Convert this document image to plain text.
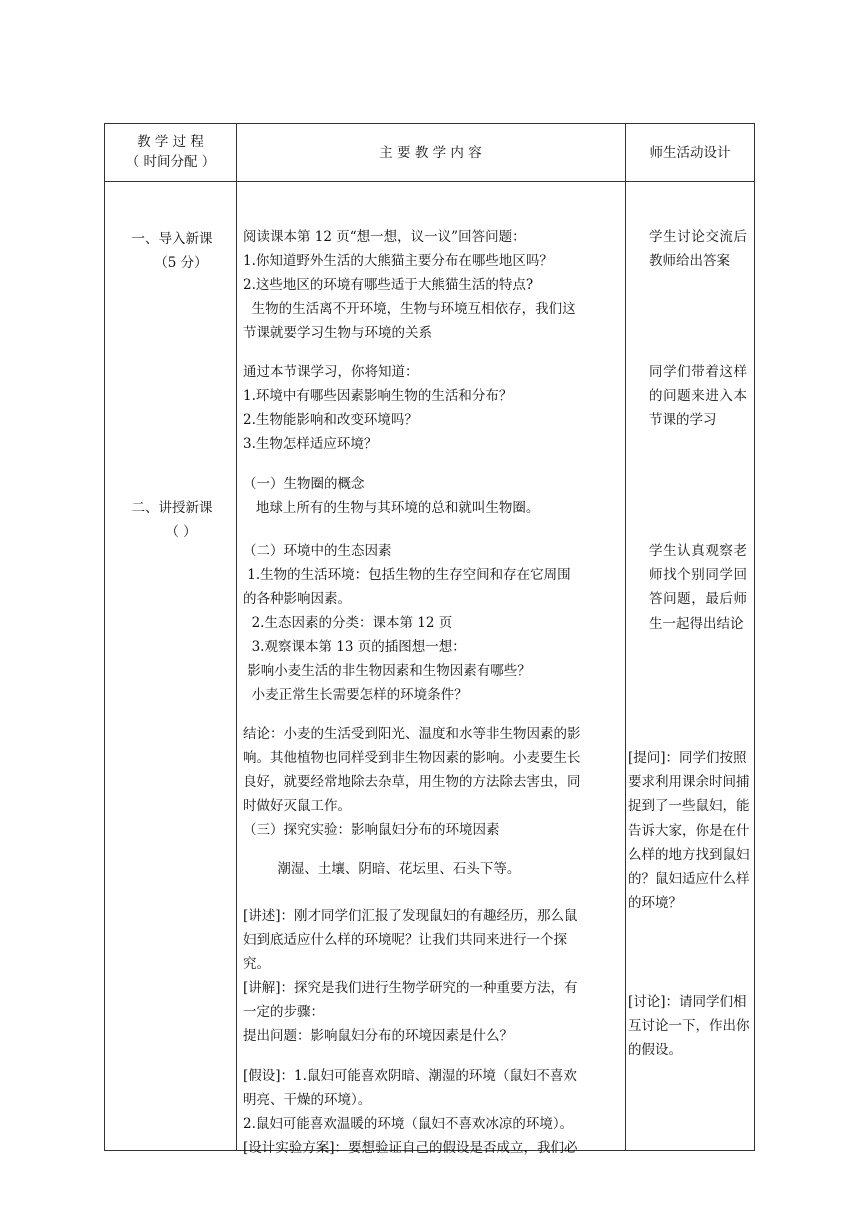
教 学 过 程
（ 时间分配 ）
主 要 教 学 内 容	师生活动设计
一、导入新课
（5 分）
二、讲授新课
（ ）
阅读课本第 12 页“想一想，议一议”回答问题：
1.你知道野外生活的大熊猫主要分布在哪些地区吗？
2.这些地区的环境有哪些适于大熊猫生活的特点?
生物的生活离不开环境，生物与环境互相依存，我们这
节课就要学习生物与环境的关系
通过本节课学习，你将知道：
1.环境中有哪些因素影响生物的生活和分布？
2.生物能影响和改变环境吗？
3.生物怎样适应环境？
（一）生物圈的概念
地球上所有的生物与其环境的总和就叫生物圈。
（二）环境中的生态因素
1.生物的生活环境：包括生物的生存空间和存在它周围
的各种影响因素。
2.生态因素的分类：课本第 12 页
3.观察课本第 13 页的插图想一想：
影响小麦生活的非生物因素和生物因素有哪些？
小麦正常生长需要怎样的环境条件？
结论：小麦的生活受到阳光、温度和水等非生物因素的影
响。其他植物也同样受到非生物因素的影响。小麦要生长
良好，就要经常地除去杂草，用生物的方法除去害虫，同
时做好灭鼠工作。
（三）探究实验：影响鼠妇分布的环境因素
潮湿、土壤、阴暗、花坛里、石头下等。
[讲述]：刚才同学们汇报了发现鼠妇的有趣经历，那么鼠
妇到底适应什么样的环境呢？让我们共同来进行一个探
究。
[讲解]：探究是我们进行生物学研究的一种重要方法，有
一定的步骤：
提出问题：影响鼠妇分布的环境因素是什么？
[假设]：1.鼠妇可能喜欢阴暗、潮湿的环境（鼠妇不喜欢
明亮、干燥的环境）。
2.鼠妇可能喜欢温暖的环境（鼠妇不喜欢冰凉的环境）。
[设计实验方案]：要想验证自己的假设是否成立，我们必
学生讨论交流后教师给出答案
同学们带着这样的问题来进入本节课的学习
学生认真观察老师找个别同学回答问题，最后师生一起得出结论
[提问]：同学们按照要求利用课余时间捕捉到了一些鼠妇，能告诉大家，你是在什么样的地方找到鼠妇的？鼠妇适应什么样的环境？
[讨论]：请同学们相互讨论一下，作出你的假设。
